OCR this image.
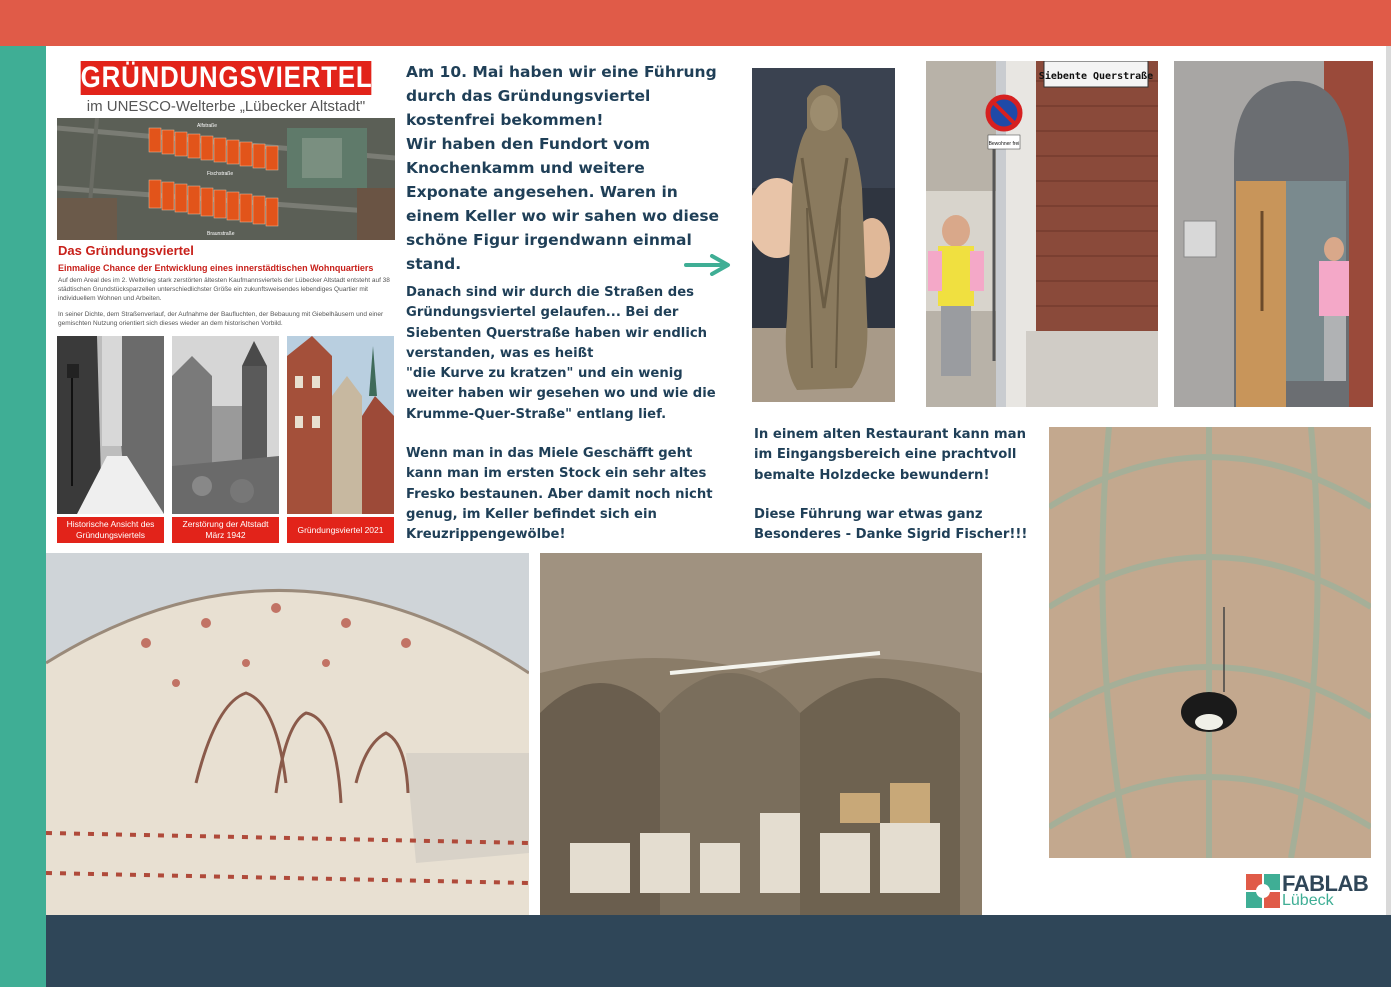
GRÜNDUNGSVIERTEL
im UNESCO-Welterbe „Lübecker Altstadt"
Alfstraße
Fischstraße
Braunstraße
Das Gründungsviertel
Einmalige Chance der Entwicklung eines innerstädtischen Wohnquartiers
Auf dem Areal des im 2. Weltkrieg stark zerstörten ältesten Kaufmannsviertels der Lübecker Altstadt entsteht auf 38 städtischen Grundstücksparzellen unterschiedlichster Größe ein zukunftsweisendes lebendiges Quartier mit individuellem Wohnen und Arbeiten.
In seiner Dichte, dem Straßenverlauf, der Aufnahme der Baufluchten, der Bebauung mit Giebelhäusern und einer gemischten Nutzung orientiert sich dieses wieder an dem historischen Vorbild.
Historische Ansicht des Gründungsviertels
Zerstörung der Altstadt März 1942
Gründungsviertel 2021
Am 10. Mai haben wir eine Führung
durch das Gründungsviertel
kostenfrei bekommen!
Wir haben den Fundort vom
Knochenkamm und weitere
Exponate angesehen. Waren in
einem Keller wo wir sahen wo diese
schöne Figur irgendwann einmal
stand.
Danach sind wir durch die Straßen des
Gründungsviertel gelaufen... Bei der
Siebenten Querstraße haben wir endlich
verstanden, was es heißt
"die Kurve zu kratzen" und ein wenig
weiter haben wir gesehen wo und wie die
Krumme-Quer-Straße" entlang lief.
Wenn man in das Miele Geschäfft geht
kann man im ersten Stock ein sehr altes
Fresko bestaunen. Aber damit noch nicht
genug, im Keller befindet sich ein
Kreuzrippengewölbe!
In einem alten Restaurant kann man
im Eingangsbereich eine prachtvoll
bemalte Holzdecke bewundern!
Diese Führung war etwas ganz
Besonderes - Danke Sigrid Fischer!!!
Siebente Querstraße
Bewohner frei
FABLAB
Lübeck
